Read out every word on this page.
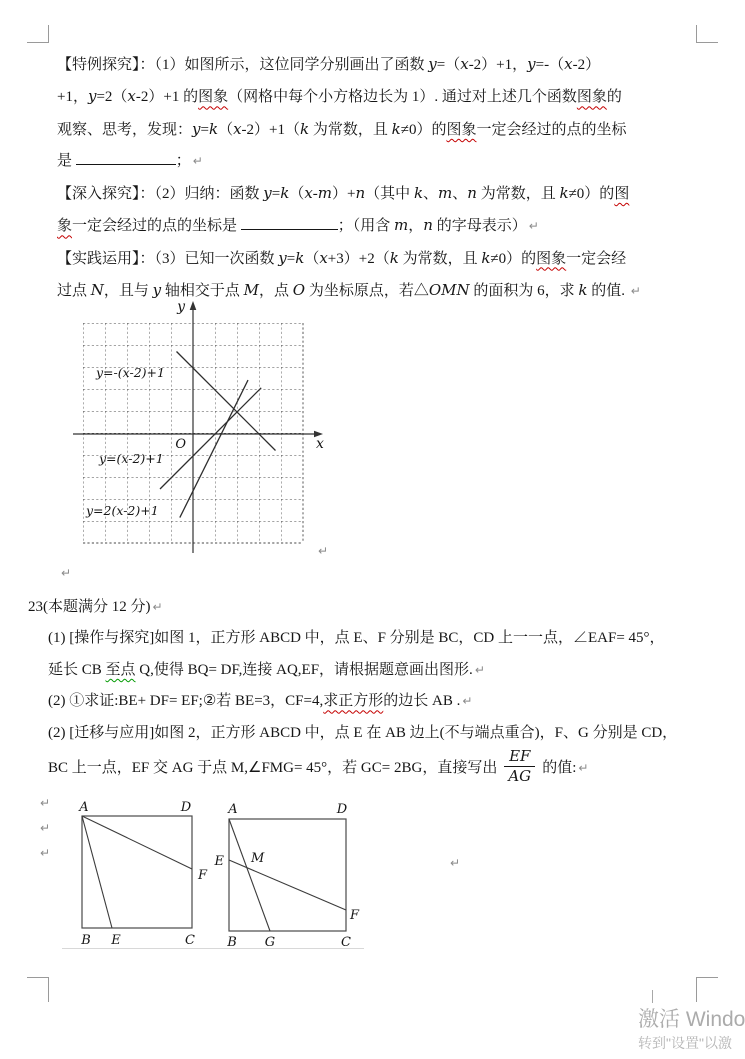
【特例探究】：（1）如图所示，这位同学分别画出了函数 y=（x-2）+1，y=-（x-2）
+1，y=2（x-2）+1 的图象（网格中每个小方格边长为 1）. 通过对上述几个函数图象的
观察、思考，发现：y=k（x-2）+1（k 为常数，且 k≠0）的图象一定会经过的点的坐标
是	； ↵
【深入探究】：（2）归纳：函数 y=k（x-m）+n（其中 k、m、n 为常数，且 k≠0）的图
象一定会经过的点的坐标是	；（用含 m，n 的字母表示） ↵
【实践运用】：（3）已知一次函数 y=k（x+3）+2（k 为常数，且 k≠0）的图象一定会经
过点 N，且与 y 轴相交于点 M，点 O 为坐标原点，若△OMN 的面积为 6，求 k 的值. ↵
y
x
O
y=-(x-2)+1
y=(x-2)+1
y=2(x-2)+1
23(本题满分 12 分) ↵
(1) [操作与探究]如图 1，正方形 ABCD 中，点 E、F 分别是 BC，CD 上一一点，∠EAF= 45°，
延长 CB 至点 Q,使得 BQ= DF,连接 AQ,EF，请根据题意画出图形. ↵
(2) ①求证:BE+ DF= EF;②若 BE=3，CF=4,求正方形的边长 AB . ↵
(2) [迁移与应用]如图 2，正方形 ABCD 中，点 E 在 AB 边上(不与端点重合)，F、G 分别是 CD，
BC 上一点，EF 交 AG 于点 M,∠FMG= 45°，若 GC= 2BG，直接写出 $\frac{EF}{AG}$ 的值: ↵
A	D
B E	C
F
A	D
E M
B G	C
F
↵
↵
↵
↵
↵
↵
激活 Windo
转到"设置"以激
